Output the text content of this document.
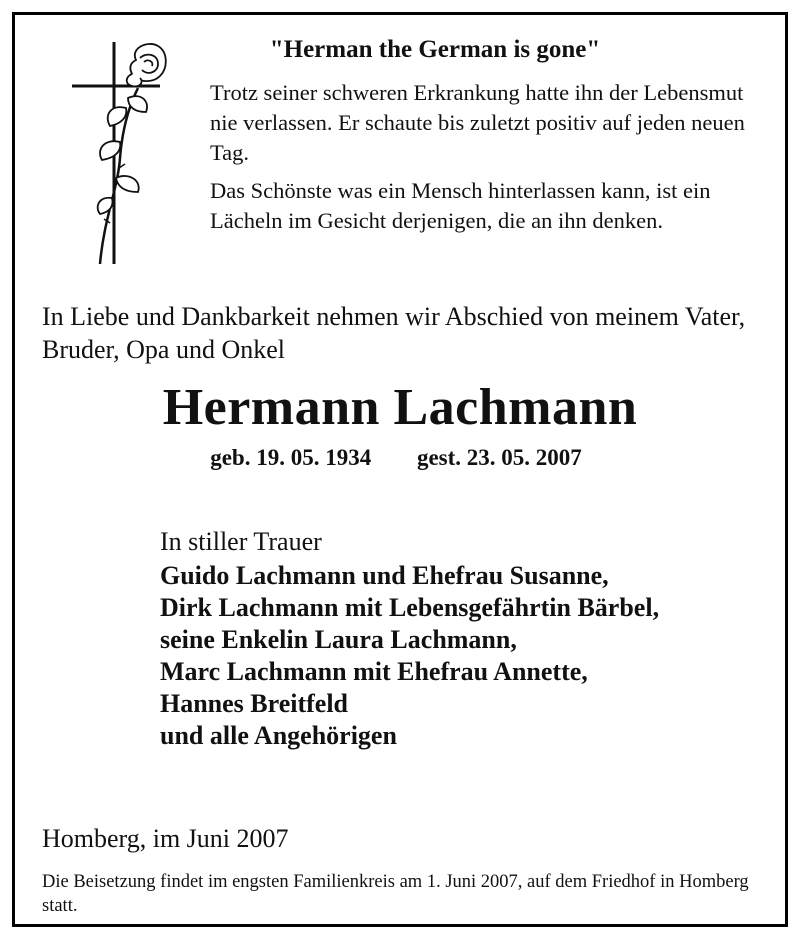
"Herman the German is gone"

Trotz seiner schweren Erkrankung hatte ihn der Lebensmut nie verlassen. Er schaute bis zuletzt positiv auf jeden neuen Tag.

Das Schönste was ein Mensch hinterlassen kann, ist ein Lächeln im Gesicht derjenigen, die an ihn denken.

In Liebe und Dankbarkeit nehmen wir Abschied von meinem Vater, Bruder, Opa und Onkel
Hermann Lachmann
geb. 19. 05. 1934 gest. 23. 05. 2007

In stiller Trauer

Guido Lachmann und Ehefrau Susanne,
Dirk Lachmann mit Lebensgefährtin Bärbel,
seine Enkelin Laura Lachmann,
Marc Lachmann mit Ehefrau Annette,
Hannes Breitfeld
und alle Angehörigen
Homberg, im Juni 2007
Die Beisetzung findet im engsten Familienkreis am 1. Juni 2007, auf dem Friedhof in Homberg statt.
